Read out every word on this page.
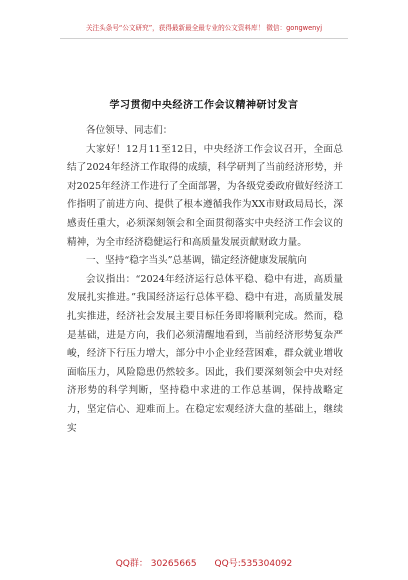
关注头条号“公文研究”，获得最新最全最专业的公文资料库！ 微信：gongwenyj
学习贯彻中央经济工作会议精神研讨发言

各位领导、同志们：

大家好！12月11至12日，中央经济工作会议召开，全面总结了2024年经济工作取得的成绩，科学研判了当前经济形势，并对2025年经济工作进行了全面部署，为各级党委政府做好经济工作指明了前进方向、提供了根本遵循我作为XX市财政局局长，深感责任重大，必须深刻领会和全面贯彻落实中央经济工作会议的精神，为全市经济稳健运行和高质量发展贡献财政力量。

一、坚持“稳字当头”总基调，锚定经济健康发展航向

会议指出：“2024年经济运行总体平稳、稳中有进，高质量发展扎实推进。”我国经济运行总体平稳、稳中有进，高质量发展扎实推进，经济社会发展主要目标任务即将顺利完成。然而，稳是基础，进是方向，我们必须清醒地看到，当前经济形势复杂严峻，经济下行压力增大，部分中小企业经营困难，群众就业增收面临压力，风险隐患仍然较多。因此，我们要深刻领会中央对经济形势的科学判断，坚持稳中求进的工作总基调，保持战略定力，坚定信心、迎难而上。在稳定宏观经济大盘的基础上，继续实

QQ群： 30265665 QQ号:535304092
